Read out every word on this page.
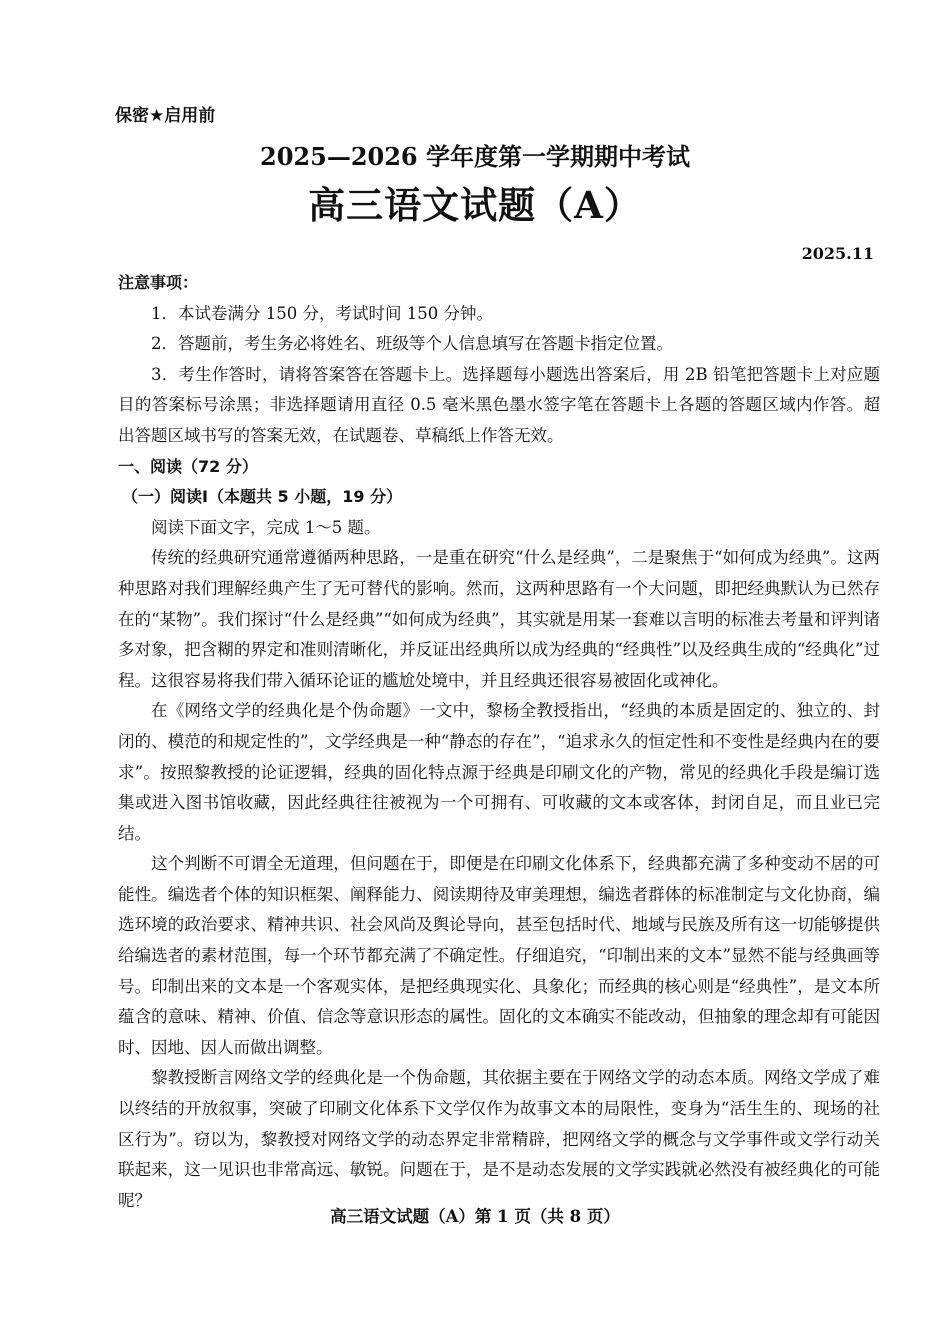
保密★启用前
2025—2026 学年度第一学期期中考试
高三语文试题（A）
2025.11

注意事项：

1．本试卷满分 150 分，考试时间 150 分钟。

2．答题前，考生务必将姓名、班级等个人信息填写在答题卡指定位置。

3．考生作答时，请将答案答在答题卡上。选择题每小题选出答案后，用 2B 铅笔把答题卡上对应题目的答案标号涂黑；非选择题请用直径 0.5 毫米黑色墨水签字笔在答题卡上各题的答题区域内作答。超出答题区域书写的答案无效，在试题卷、草稿纸上作答无效。

一、阅读（72 分）

（一）阅读Ⅰ（本题共 5 小题，19 分）

阅读下面文字，完成 1～5 题。

传统的经典研究通常遵循两种思路，一是重在研究“什么是经典”，二是聚焦于“如何成为经典”。这两种思路对我们理解经典产生了无可替代的影响。然而，这两种思路有一个大问题，即把经典默认为已然存在的“某物”。我们探讨“什么是经典”“如何成为经典”，其实就是用某一套难以言明的标准去考量和评判诸多对象，把含糊的界定和准则清晰化，并反证出经典所以成为经典的“经典性”以及经典生成的“经典化”过程。这很容易将我们带入循环论证的尴尬处境中，并且经典还很容易被固化或神化。

在《网络文学的经典化是个伪命题》一文中，黎杨全教授指出，“经典的本质是固定的、独立的、封闭的、模范的和规定性的”，文学经典是一种“静态的存在”，“追求永久的恒定性和不变性是经典内在的要求”。按照黎教授的论证逻辑，经典的固化特点源于经典是印刷文化的产物，常见的经典化手段是编订选集或进入图书馆收藏，因此经典往往被视为一个可拥有、可收藏的文本或客体，封闭自足，而且业已完结。

这个判断不可谓全无道理，但问题在于，即便是在印刷文化体系下，经典都充满了多种变动不居的可能性。编选者个体的知识框架、阐释能力、阅读期待及审美理想，编选者群体的标准制定与文化协商，编选环境的政治要求、精神共识、社会风尚及舆论导向，甚至包括时代、地域与民族及所有这一切能够提供给编选者的素材范围，每一个环节都充满了不确定性。仔细追究，“印制出来的文本”显然不能与经典画等号。印制出来的文本是一个客观实体，是把经典现实化、具象化；而经典的核心则是“经典性”，是文本所蕴含的意味、精神、价值、信念等意识形态的属性。固化的文本确实不能改动，但抽象的理念却有可能因时、因地、因人而做出调整。

黎教授断言网络文学的经典化是一个伪命题，其依据主要在于网络文学的动态本质。网络文学成了难以终结的开放叙事，突破了印刷文化体系下文学仅作为故事文本的局限性，变身为“活生生的、现场的社区行为”。窃以为，黎教授对网络文学的动态界定非常精辟，把网络文学的概念与文学事件或文学行动关联起来，这一见识也非常高远、敏锐。问题在于，是不是动态发展的文学实践就必然没有被经典化的可能呢？

高三语文试题（A）第 1 页（共 8 页）
